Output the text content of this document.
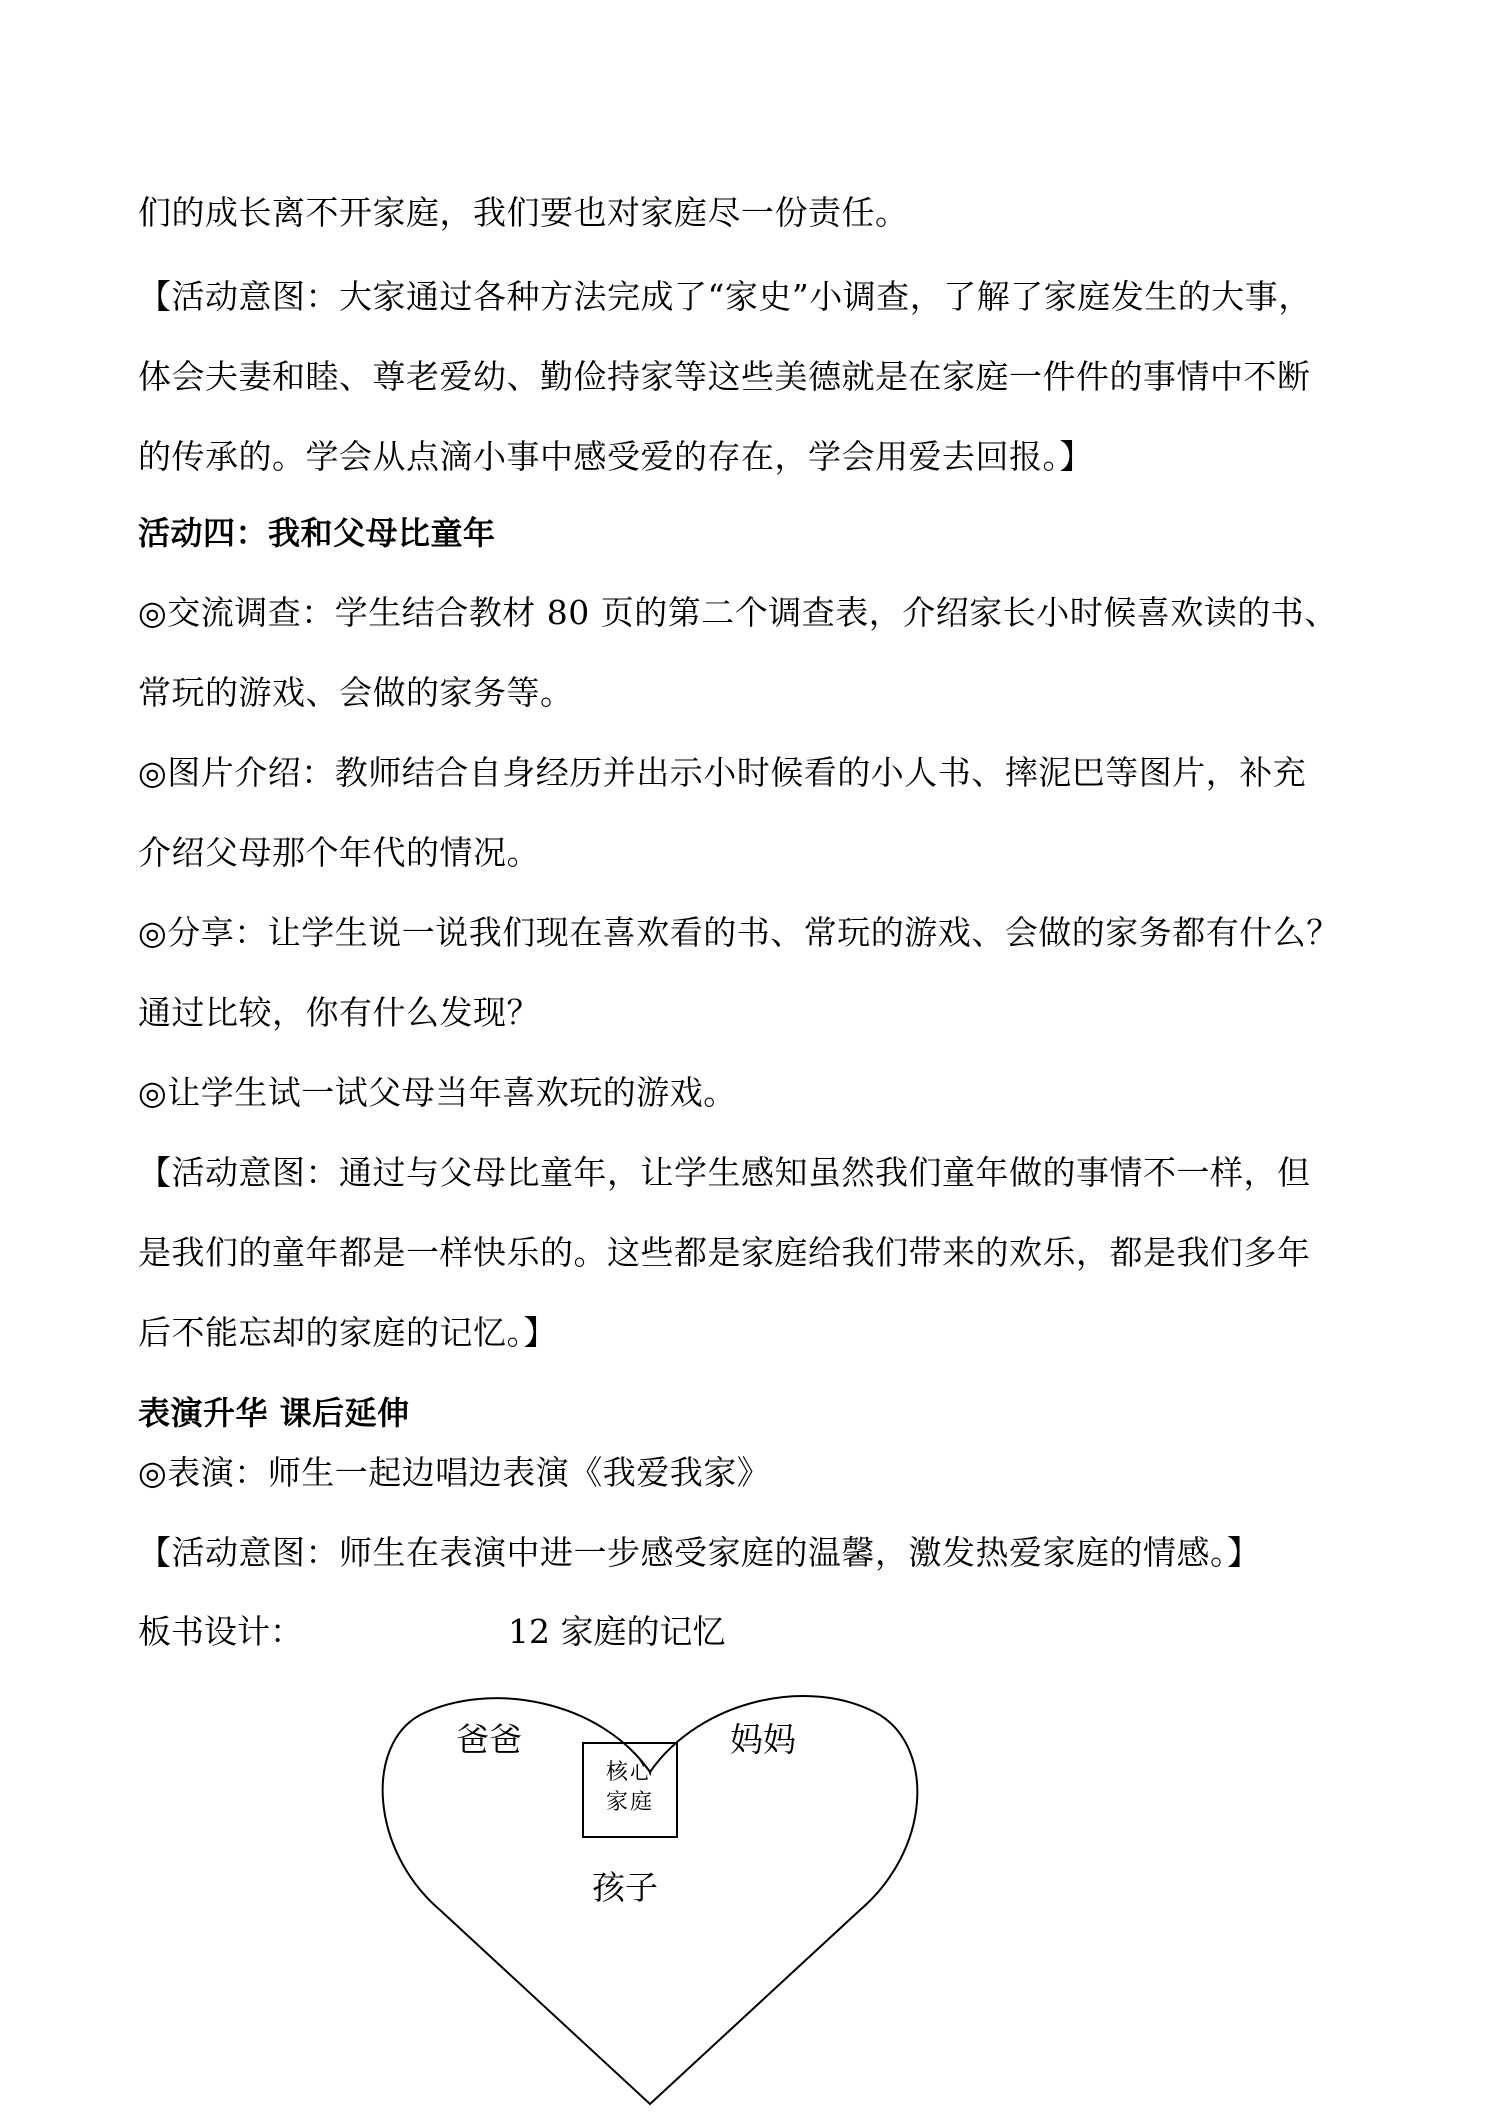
们的成长离不开家庭，我们要也对家庭尽一份责任。
【活动意图：大家通过各种方法完成了“家史”小调查，了解了家庭发生的大事，
体会夫妻和睦、尊老爱幼、勤俭持家等这些美德就是在家庭一件件的事情中不断
的传承的。学会从点滴小事中感受爱的存在，学会用爱去回报。】
活动四：我和父母比童年
◎交流调查：学生结合教材 80 页的第二个调查表，介绍家长小时候喜欢读的书、
常玩的游戏、会做的家务等。
◎图片介绍：教师结合自身经历并出示小时候看的小人书、摔泥巴等图片，补充
介绍父母那个年代的情况。
◎分享：让学生说一说我们现在喜欢看的书、常玩的游戏、会做的家务都有什么？
通过比较，你有什么发现？
◎让学生试一试父母当年喜欢玩的游戏。
【活动意图：通过与父母比童年，让学生感知虽然我们童年做的事情不一样，但
是我们的童年都是一样快乐的。这些都是家庭给我们带来的欢乐，都是我们多年
后不能忘却的家庭的记忆。】
表演升华 课后延伸
◎表演：师生一起边唱边表演《我爱我家》
【活动意图：师生在表演中进一步感受家庭的温馨，激发热爱家庭的情感。】
板书设计：	12 家庭的记忆
爸爸	妈妈
核心
家庭
孩子
